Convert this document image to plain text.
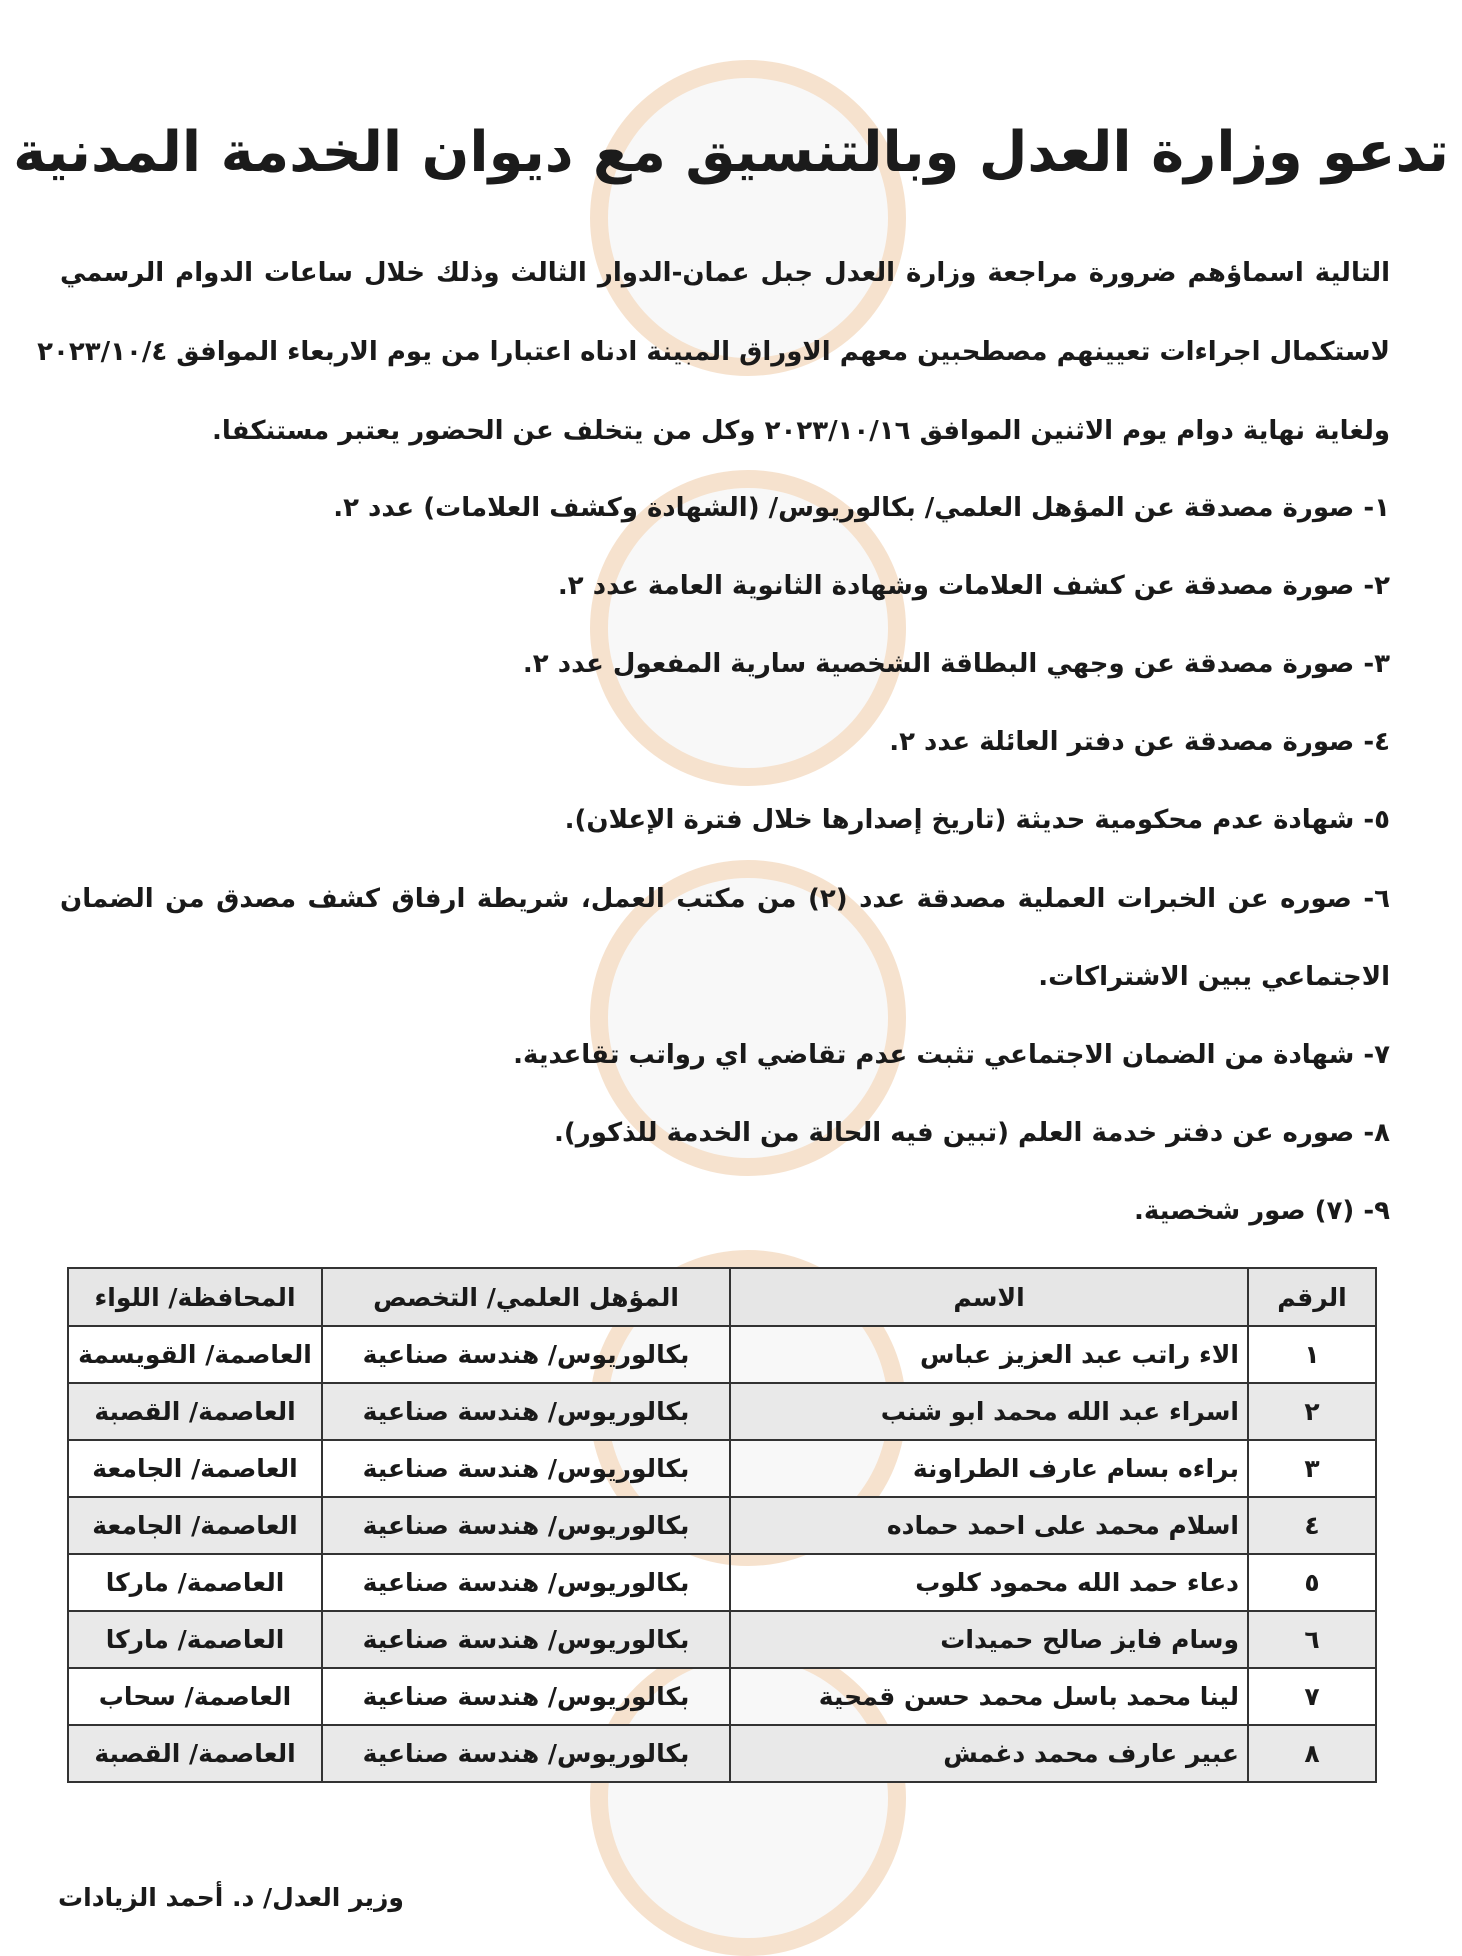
تدعو وزارة العدل وبالتنسيق مع ديوان الخدمة المدنية
التالية اسماؤهم ضرورة مراجعة وزارة العدل جبل عمان-الدوار الثالث وذلك خلال ساعات الدوام الرسمي
لاستكمال اجراءات تعيينهم مصطحبين معهم الاوراق المبينة ادناه اعتبارا من يوم الاربعاء الموافق ٢٠٢٣/١٠/٤
ولغاية نهاية دوام يوم الاثنين الموافق ٢٠٢٣/١٠/١٦ وكل من يتخلف عن الحضور يعتبر مستنكفا.
١- صورة مصدقة عن المؤهل العلمي/ بكالوريوس/ (الشهادة وكشف العلامات) عدد ٢.
٢- صورة مصدقة عن كشف العلامات وشهادة الثانوية العامة عدد ٢.
٣- صورة مصدقة عن وجهي البطاقة الشخصية سارية المفعول عدد ٢.
٤- صورة مصدقة عن دفتر العائلة عدد ٢.
٥- شهادة عدم محكومية حديثة (تاريخ إصدارها خلال فترة الإعلان).
٦- صوره عن الخبرات العملية مصدقة عدد (٢) من مكتب العمل، شريطة ارفاق كشف مصدق من الضمان
الاجتماعي يبين الاشتراكات.
٧- شهادة من الضمان الاجتماعي تثبت عدم تقاضي اي رواتب تقاعدية.
٨- صوره عن دفتر خدمة العلم (تبين فيه الحالة من الخدمة للذكور).
٩- (٧) صور شخصية.
الرقم	الاسم	المؤهل العلمي/ التخصص	المحافظة/ اللواء
١	الاء راتب عبد العزيز عباس	بكالوريوس/ هندسة صناعية	العاصمة/ القويسمة
٢	اسراء عبد الله محمد ابو شنب	بكالوريوس/ هندسة صناعية	العاصمة/ القصبة
٣	براءه بسام عارف الطراونة	بكالوريوس/ هندسة صناعية	العاصمة/ الجامعة
٤	اسلام محمد على احمد حماده	بكالوريوس/ هندسة صناعية	العاصمة/ الجامعة
٥	دعاء حمد الله محمود كلوب	بكالوريوس/ هندسة صناعية	العاصمة/ ماركا
٦	وسام فايز صالح حميدات	بكالوريوس/ هندسة صناعية	العاصمة/ ماركا
٧	لينا محمد باسل محمد حسن قمحية	بكالوريوس/ هندسة صناعية	العاصمة/ سحاب
٨	عبير عارف محمد دغمش	بكالوريوس/ هندسة صناعية	العاصمة/ القصبة
وزير العدل/ د. أحمد الزيادات
